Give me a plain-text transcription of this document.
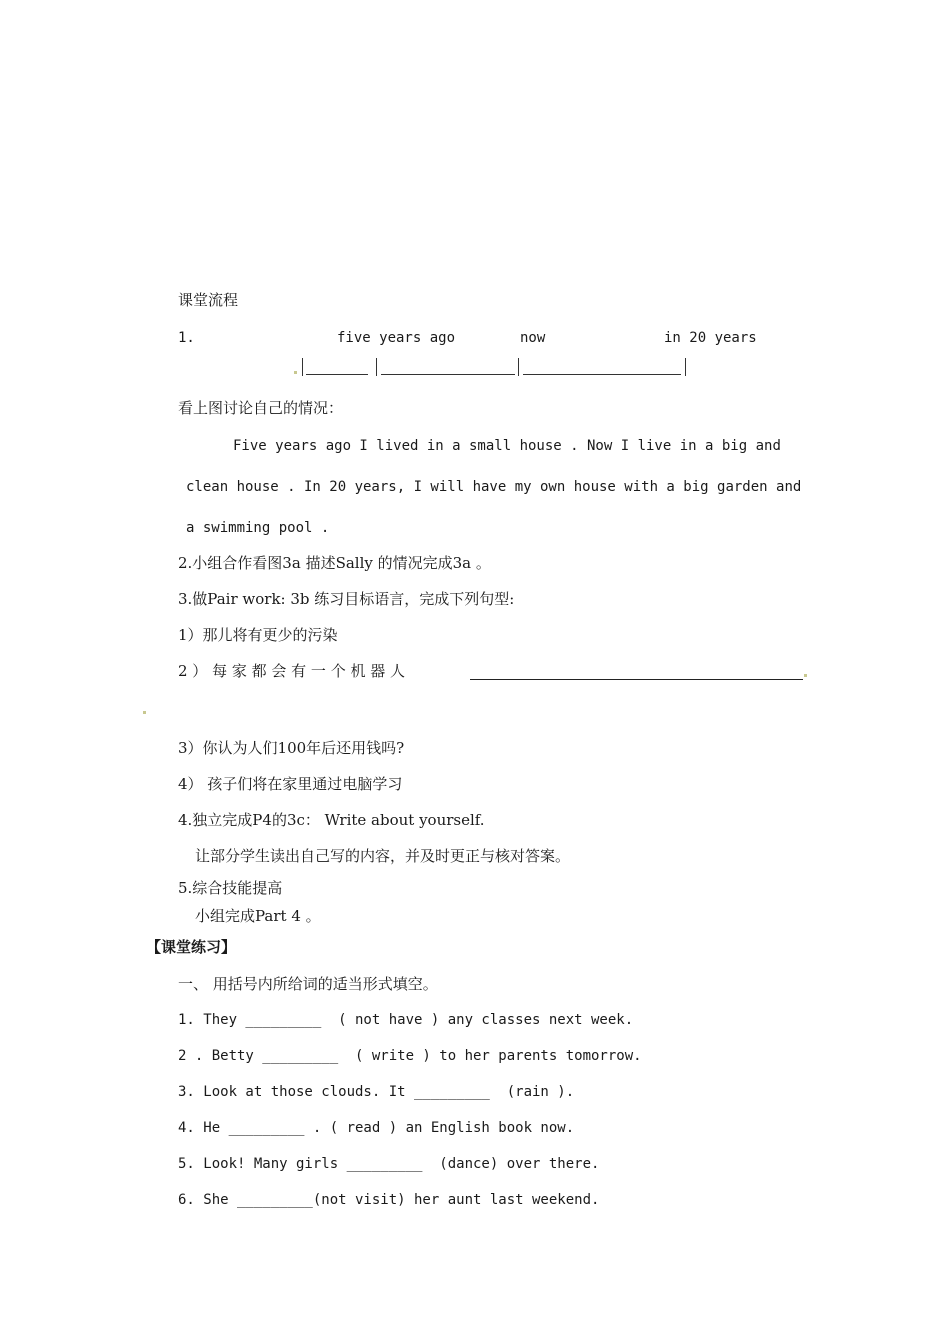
课堂流程
1.	five years ago	now	in 20 years
看上图讨论自己的情况：
Five years ago I lived in a small house . Now I live in a big and
clean house . In 20 years, I will have my own house with a big garden and
a swimming pool .
2.小组合作看图3a 描述Sally 的情况完成3a 。
3.做Pair work: 3b 练习目标语言，完成下列句型:
1）那儿将有更少的污染
2 ） 每 家 都 会 有 一 个 机 器 人
3）你认为人们100年后还用钱吗?
4） 孩子们将在家里通过电脑学习
4.独立完成P4的3c： Write about yourself.
让部分学生读出自己写的内容，并及时更正与核对答案。
5.综合技能提高
小组完成Part 4 。
【课堂练习】
一、 用括号内所给词的适当形式填空。
1. They _________  ( not have ) any classes next week.
2 . Betty _________  ( write ) to her parents tomorrow.
3. Look at those clouds. It _________  (rain ).
4. He _________ . ( read ) an English book now.
5. Look! Many girls _________  (dance) over there.
6. She _________(not visit) her aunt last weekend.
